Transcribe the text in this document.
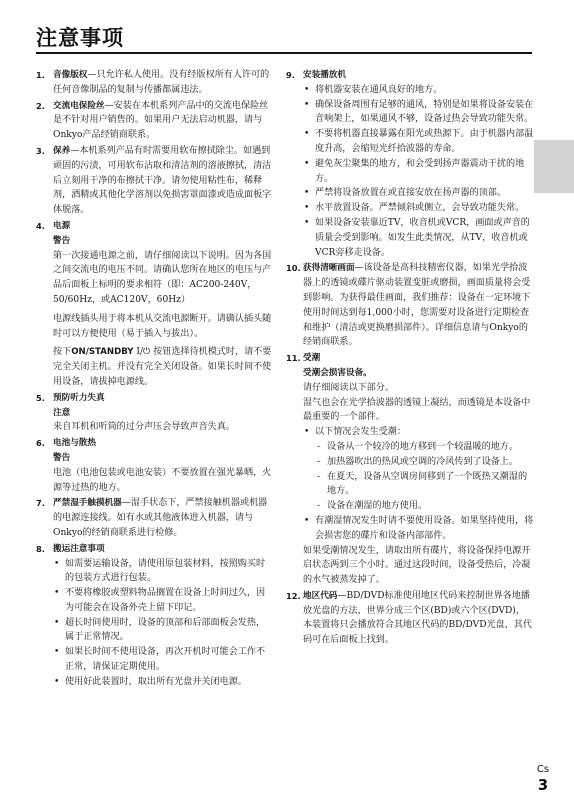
注意事项
1. 音像版权—只允许私人使用。没有经版权所有人许可的任何音像制品的复制与传播都属违法。
2. 交流电保险丝—安装在本机系列产品中的交流电保险丝是不针对用户销售的。如果用户无法启动机器，请与Onkyo产品经销商联系。
3. 保养—本机系列产品有时需要用软布擦拭除尘。如遇到顽固的污渍，可用软布沾取和清洁剂的溶液擦拭，清洁后立刻用干净的布擦拭干净。请勿使用粘性布，稀释剂，酒精或其他化学溶剂以免损害罩面漆或造成面板字体脱落。
4. 电源
警告
第一次接通电源之前，请仔细阅读以下说明。因为各国之间交流电的电压不同。请确认您所在地区的电压与产品后面板上标明的要求相符（即：AC200-240V，50/60Hz，或AC120V，60Hz）
电源线插头用于将本机从交流电源断开。请确认插头随时可以方便使用（易于插入与拔出）。
按下ON/STANDBY I/⏻ 按钮选择待机模式时，请不要完全关闭主机。并没有完全关闭设备。如果长时间不使用设备，请拔掉电源线。
5. 预防听力失真
注意
来自耳机和听筒的过分声压会导致声音失真。
6. 电池与散热
警告
电池（电池包装或电池安装）不要放置在强光暴晒，火源等过热的地方。
7. 严禁湿手触摸机器—湿手状态下，严禁接触机器或机器的电源连接线。如有水或其他液体进入机器，请与Onkyo的经销商联系进行检修。
8. 搬运注意事项
• 如需要运输设备，请使用原包装材料，按照购买时的包装方式进行包装。
• 不要将橡胶或塑料物品搁置在设备上时间过久，因为可能会在设备外壳上留下印记。
• 超长时间使用时，设备的顶部和后部面板会发热，属于正常情况。
• 如果长时间不使用设备，再次开机时可能会工作不正常，请保证定期使用。
• 使用好此装置时，取出所有光盘并关闭电源。
9. 安装播放机
• 将机器安装在通风良好的地方。
• 确保设备周围有足够的通风，特别是如果将设备安装在音响架上，如果通风不够，设备过热会导致功能失常。
• 不要将机器直接暴露在阳光或热源下。由于机器内部温度升高，会缩短光纤拾波器的寿命。
• 避免灰尘聚集的地方，和会受到扬声器震动干扰的地方。
• 严禁将设备放置在或直接安放在扬声器的顶部。
• 水平放置设备。严禁倾斜或侧立，会导致功能失常。
• 如果设备安装靠近TV，收音机或VCR，画面或声音的质量会受到影响。如发生此类情况，从TV，收音机或VCR旁移走设备。
10. 获得清晰画面—该设备是高科技精密仪器，如果光学拾波器上的透镜或碟片驱动装置变脏或磨损，画面质量将会受到影响。为获得最佳画面，我们推荐：设备在一定环境下使用时间达到每1,000小时，您需要对设备进行定期检查和维护（清洁或更换磨损部件）。详细信息请与Onkyo的经销商联系。
11. 受潮
受潮会损害设备。
请仔细阅读以下部分。
湿气也会在光学拾波器的透镜上凝结，而透镜是本设备中最重要的一个部件。
• 以下情况会发生受潮：
- 设备从一个较冷的地方移到一个较温暖的地方。
- 加热器吹出的热风或空调的冷风传到了设备上。
- 在夏天，设备从空调房间移到了一个既热又潮湿的地方。
- 设备在潮湿的地方使用。
• 有潮湿情况发生时请不要使用设备。如果坚持使用，将会损害您的碟片和设备内部部件。
如果受潮情况发生，请取出所有碟片，将设备保持电源开启状态两到三个小时。通过这段时间，设备受热后，冷凝的水气被蒸发掉了。
12. 地区代码—BD/DVD标准使用地区代码来控制世界各地播放光盘的方法，世界分成三个区(BD)或六个区(DVD)，本装置将只会播放符合其地区代码的BD/DVD光盘，其代码可在后面板上找到。
Cs
3
